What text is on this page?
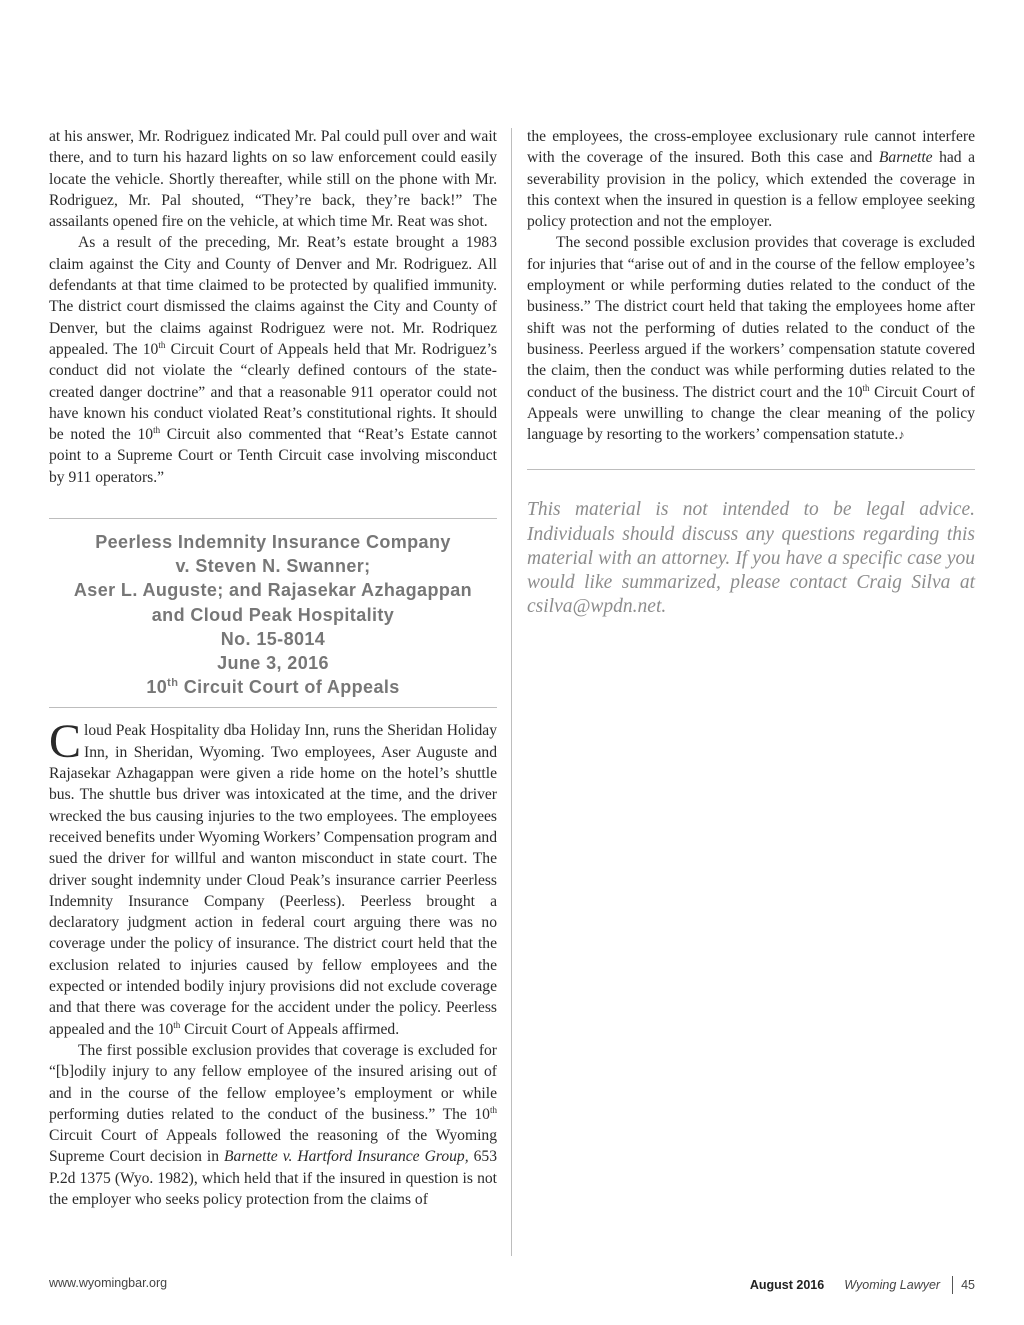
at his answer, Mr. Rodriguez indicated Mr. Pal could pull over and wait there, and to turn his hazard lights on so law enforcement could easily locate the vehicle. Shortly thereafter, while still on the phone with Mr. Rodriguez, Mr. Pal shouted, “They’re back, they’re back!” The assailants opened fire on the vehicle, at which time Mr. Reat was shot.

As a result of the preceding, Mr. Reat’s estate brought a 1983 claim against the City and County of Denver and Mr. Rodriguez. All defendants at that time claimed to be protected by qualified immunity. The district court dismissed the claims against the City and County of Denver, but the claims against Rodriguez were not. Mr. Rodriquez appealed. The 10th Circuit Court of Appeals held that Mr. Rodriguez’s conduct did not violate the “clearly defined contours of the state-created danger doctrine” and that a reasonable 911 operator could not have known his conduct violated Reat’s constitutional rights. It should be noted the 10th Circuit also commented that “Reat’s Estate cannot point to a Supreme Court or Tenth Circuit case involving misconduct by 911 operators.”

Peerless Indemnity Insurance Company
v. Steven N. Swanner;
Aser L. Auguste; and Rajasekar Azhagappan
and Cloud Peak Hospitality
No. 15-8014
June 3, 2016
10th Circuit Court of Appeals

Cloud Peak Hospitality dba Holiday Inn, runs the Sheridan Holiday Inn, in Sheridan, Wyoming. Two employees, Aser Auguste and Rajasekar Azhagappan were given a ride home on the hotel’s shuttle bus. The shuttle bus driver was intoxicated at the time, and the driver wrecked the bus causing injuries to the two employees. The employees received benefits under Wyoming Workers’ Compensation program and sued the driver for willful and wanton misconduct in state court. The driver sought indemnity under Cloud Peak’s insurance carrier Peerless Indemnity Insurance Company (Peerless). Peerless brought a declaratory judgment action in federal court arguing there was no coverage under the policy of insurance. The district court held that the exclusion related to injuries caused by fellow employees and the expected or intended bodily injury provisions did not exclude coverage and that there was coverage for the accident under the policy. Peerless appealed and the 10th Circuit Court of Appeals affirmed.

The first possible exclusion provides that coverage is excluded for “[b]odily injury to any fellow employee of the insured arising out of and in the course of the fellow employee’s employment or while performing duties related to the conduct of the business.” The 10th Circuit Court of Appeals followed the reasoning of the Wyoming Supreme Court decision in Barnette v. Hartford Insurance Group, 653 P.2d 1375 (Wyo. 1982), which held that if the insured in question is not the employer who seeks policy protection from the claims of

the employees, the cross-employee exclusionary rule cannot interfere with the coverage of the insured. Both this case and Barnette had a severability provision in the policy, which extended the coverage in this context when the insured in question is a fellow employee seeking policy protection and not the employer.

The second possible exclusion provides that coverage is excluded for injuries that “arise out of and in the course of the fellow employee’s employment or while performing duties related to the conduct of the business.” The district court held that taking the employees home after shift was not the performing of duties related to the conduct of the business. Peerless argued if the workers’ compensation statute covered the claim, then the conduct was while performing duties related to the conduct of the business. The district court and the 10th Circuit Court of Appeals were unwilling to change the clear meaning of the policy language by resorting to the workers’ compensation statute.♪

This material is not intended to be legal advice. Individuals should discuss any questions regarding this material with an attorney. If you have a specific case you would like summarized, please contact Craig Silva at csilva@wpdn.net.

www.wyomingbar.org	August 2016 Wyoming Lawyer 45
